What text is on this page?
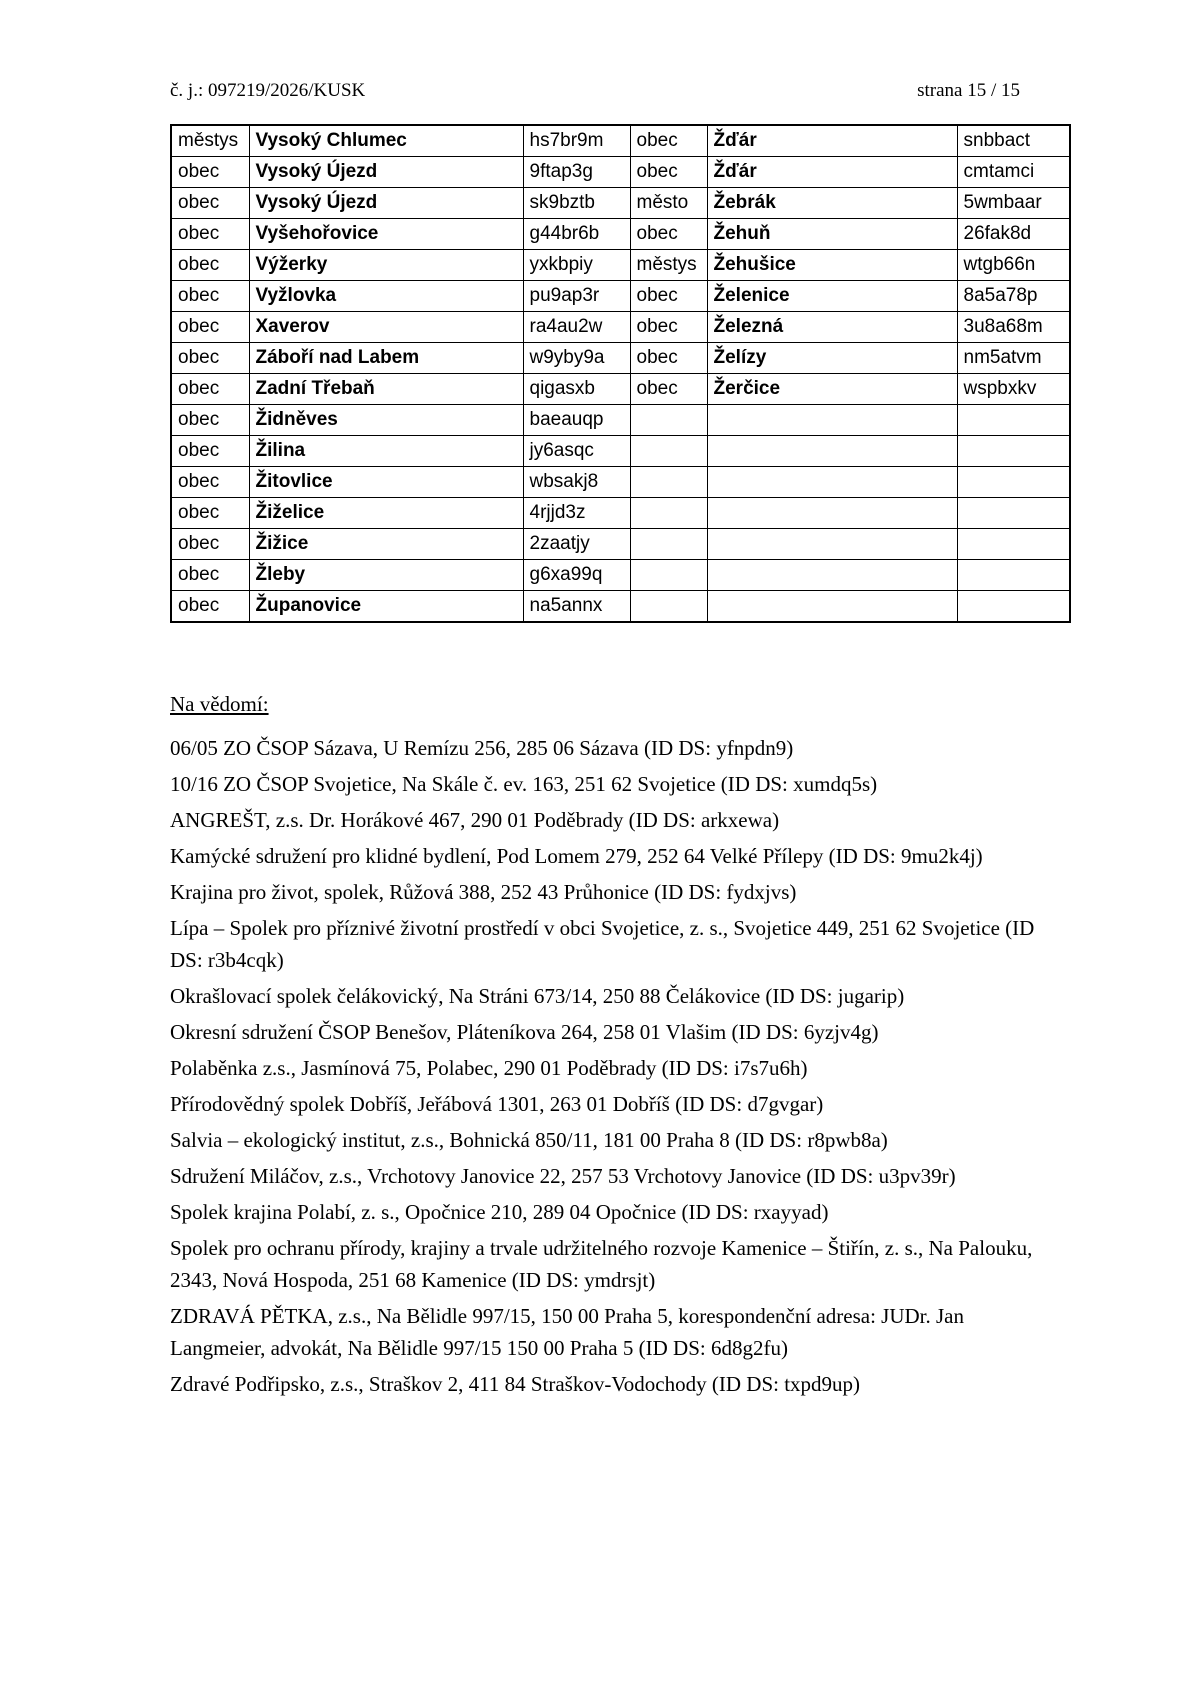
č. j.: 097219/2026/KUSK	strana 15 / 15
městys	Vysoký Chlumec	hs7br9m	obec	Žďár	snbbact
obec	Vysoký Újezd	9ftap3g	obec	Žďár	cmtamci
obec	Vysoký Újezd	sk9bztb	město	Žebrák	5wmbaar
obec	Vyšehořovice	g44br6b	obec	Žehuň	26fak8d
obec	Výžerky	yxkbpiy	městys	Žehušice	wtgb66n
obec	Vyžlovka	pu9ap3r	obec	Želenice	8a5a78p
obec	Xaverov	ra4au2w	obec	Železná	3u8a68m
obec	Záboří nad Labem	w9yby9a	obec	Želízy	nm5atvm
obec	Zadní Třebaň	qigasxb	obec	Žerčice	wspbxkv
obec	Židněves	baeauqp			
obec	Žilina	jy6asqc			
obec	Žitovlice	wbsakj8			
obec	Žiželice	4rjjd3z			
obec	Žižice	2zaatjy			
obec	Žleby	g6xa99q			
obec	Županovice	na5annx			
Na vědomí:
06/05 ZO ČSOP Sázava, U Remízu 256, 285 06 Sázava (ID DS: yfnpdn9)
10/16 ZO ČSOP Svojetice, Na Skále č. ev. 163, 251 62 Svojetice (ID DS: xumdq5s)
ANGREŠT, z.s. Dr. Horákové 467, 290 01 Poděbrady (ID DS: arkxewa)
Kamýcké sdružení pro klidné bydlení, Pod Lomem 279, 252 64 Velké Přílepy (ID DS: 9mu2k4j)
Krajina pro život, spolek, Růžová 388, 252 43 Průhonice (ID DS: fydxjvs)
Lípa – Spolek pro příznivé životní prostředí v obci Svojetice, z. s., Svojetice 449, 251 62 Svojetice (ID DS: r3b4cqk)
Okrašlovací spolek čelákovický, Na Stráni 673/14, 250 88 Čelákovice (ID DS: jugarip)
Okresní sdružení ČSOP Benešov, Pláteníkova 264, 258 01 Vlašim (ID DS: 6yzjv4g)
Polaběnka z.s., Jasmínová 75, Polabec, 290 01 Poděbrady (ID DS: i7s7u6h)
Přírodovědný spolek Dobříš, Jeřábová 1301, 263 01 Dobříš (ID DS: d7gvgar)
Salvia – ekologický institut, z.s., Bohnická 850/11, 181 00 Praha 8 (ID DS: r8pwb8a)
Sdružení Miláčov, z.s., Vrchotovy Janovice 22, 257 53 Vrchotovy Janovice (ID DS: u3pv39r)
Spolek krajina Polabí, z. s., Opočnice 210, 289 04 Opočnice (ID DS: rxayyad)
Spolek pro ochranu přírody, krajiny a trvale udržitelného rozvoje Kamenice – Štiřín, z. s., Na Palouku, 2343, Nová Hospoda, 251 68 Kamenice (ID DS: ymdrsjt)
ZDRAVÁ PĚTKA, z.s., Na Bělidle 997/15, 150 00 Praha 5, korespondenční adresa: JUDr. Jan Langmeier, advokát, Na Bělidle 997/15 150 00 Praha 5 (ID DS: 6d8g2fu)
Zdravé Podřipsko, z.s., Straškov 2, 411 84 Straškov-Vodochody (ID DS: txpd9up)
